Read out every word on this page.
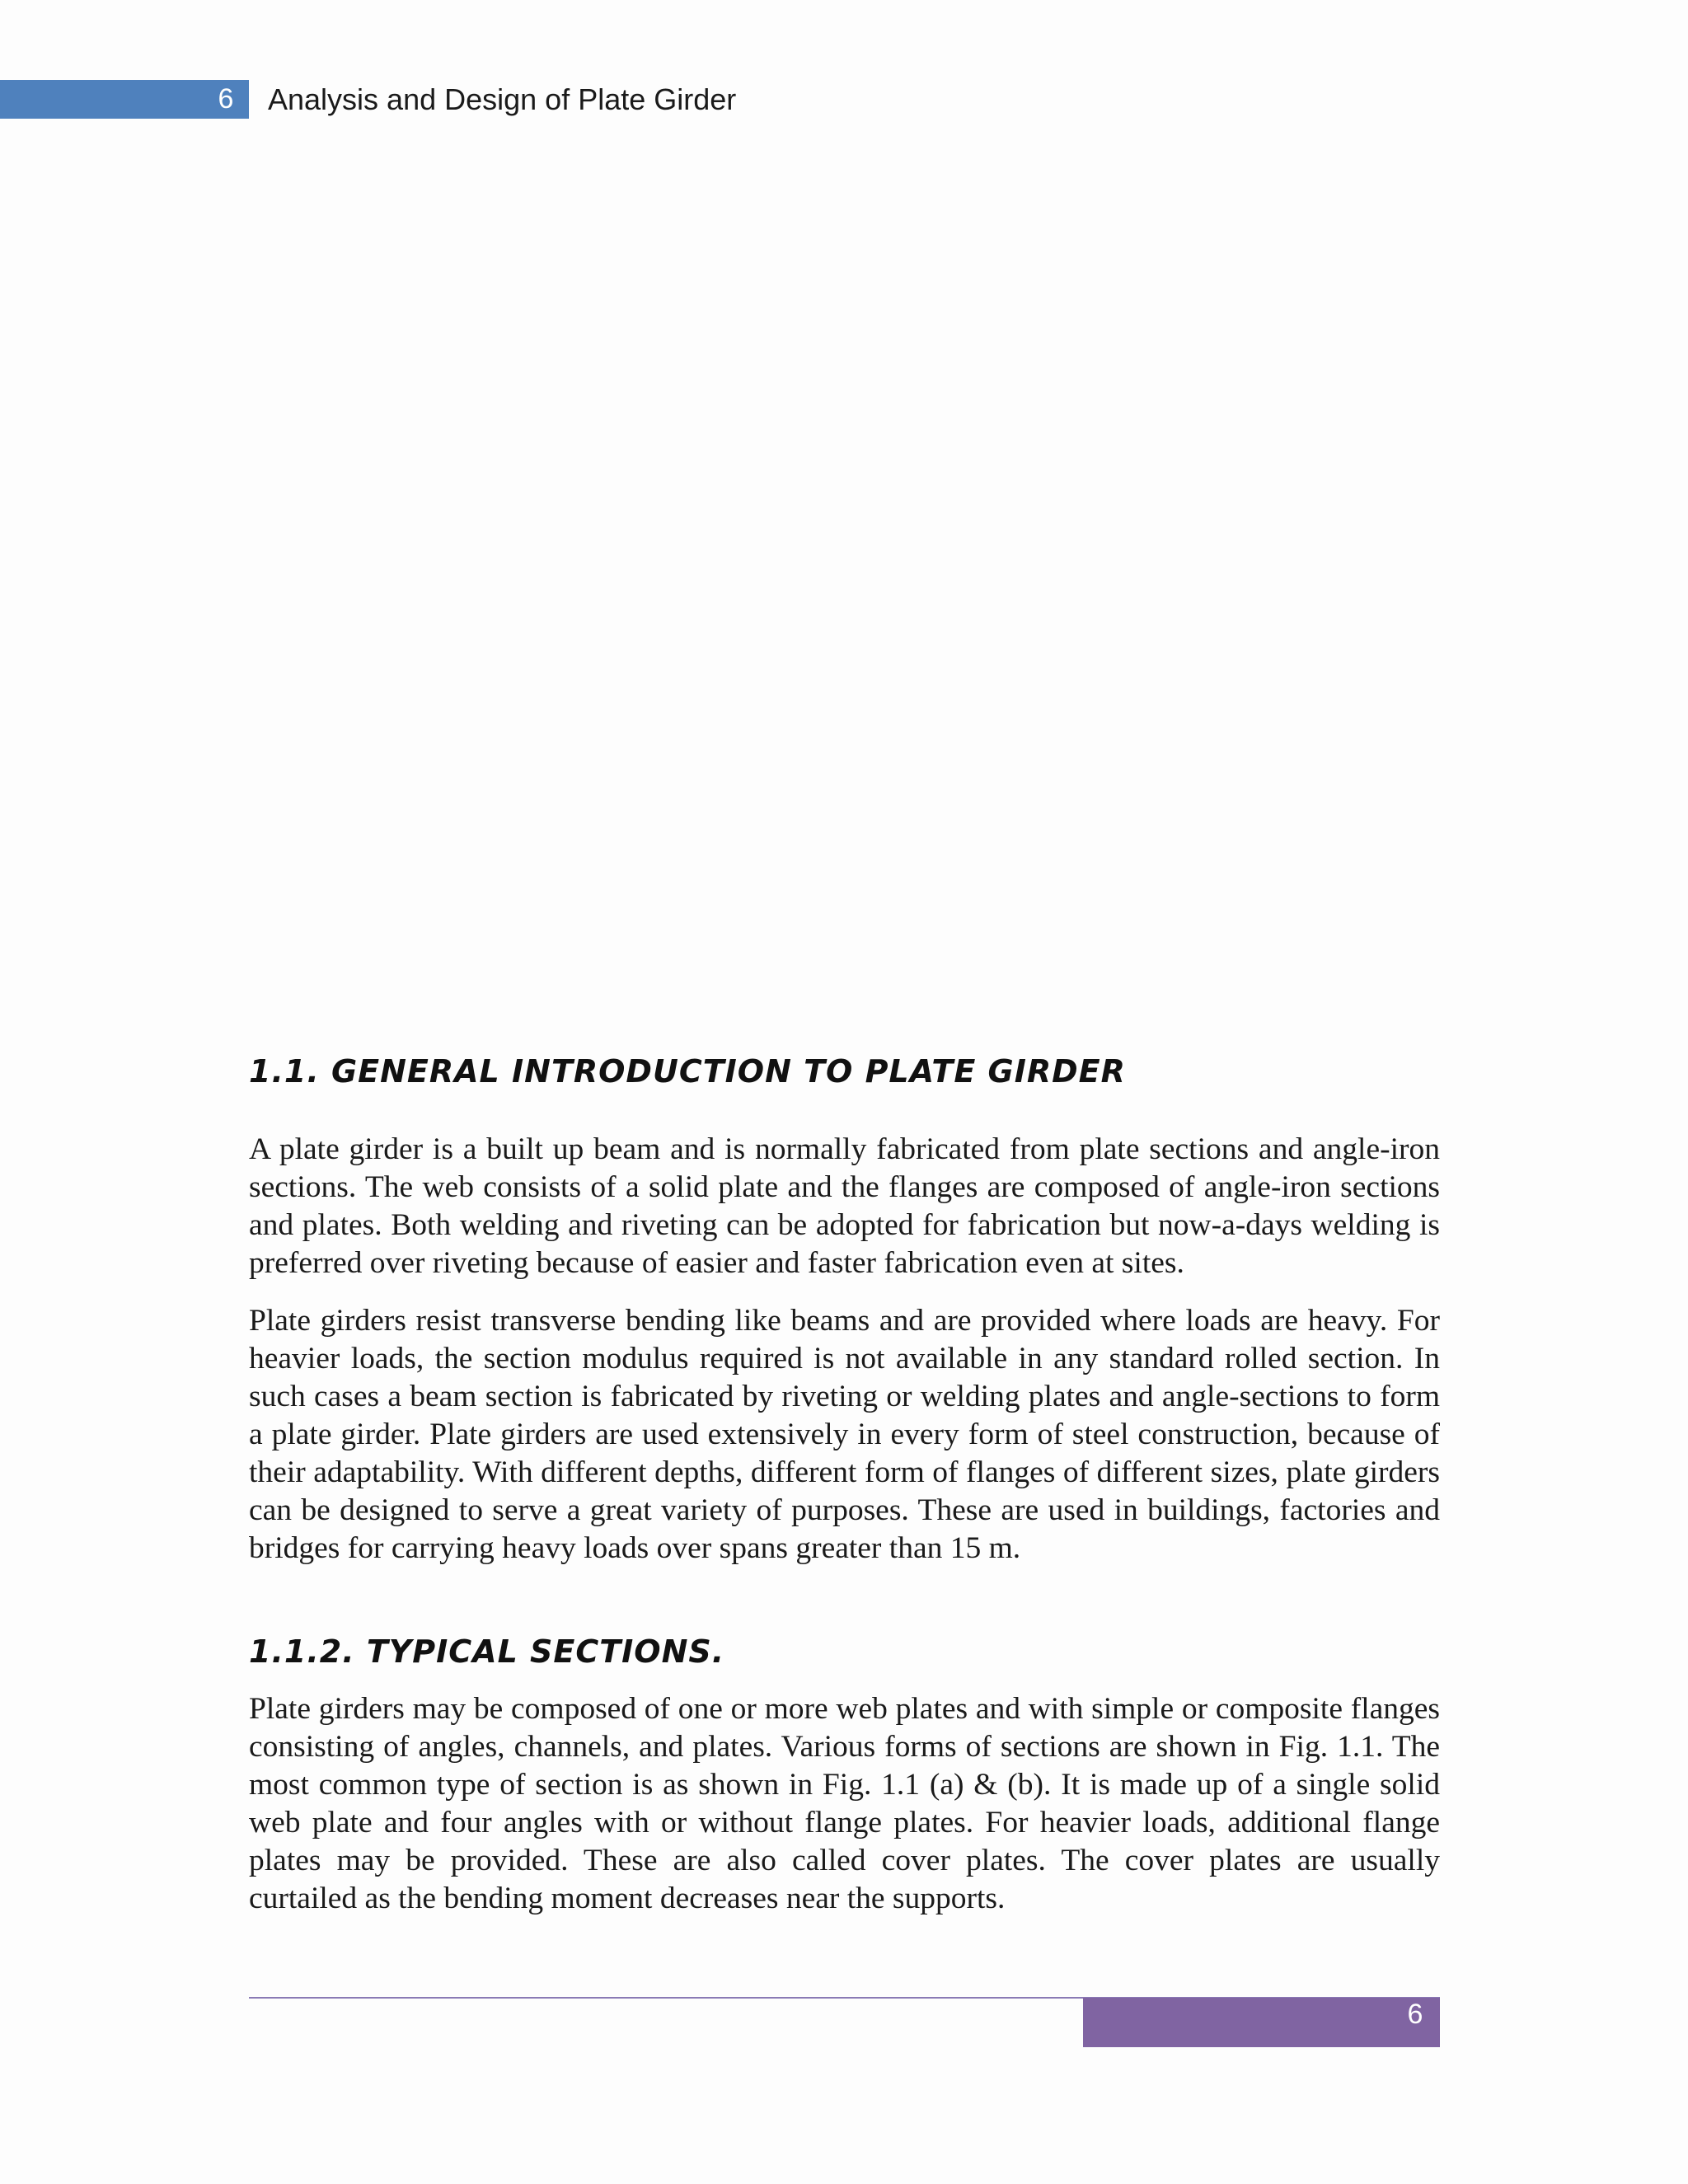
6 Analysis and Design of Plate Girder
1.1. GENERAL INTRODUCTION TO PLATE GIRDER

A plate girder is a built up beam and is normally fabricated from plate sections and angle-iron sections. The web consists of a solid plate and the flanges are composed of angle-iron sections and plates. Both welding and riveting can be adopted for fabrication but now-a-days welding is preferred over riveting because of easier and faster fabrication even at sites.

Plate girders resist transverse bending like beams and are provided where loads are heavy. For heavier loads, the section modulus required is not available in any standard rolled section. In such cases a beam section is fabricated by riveting or welding plates and angle-sections to form a plate girder. Plate girders are used extensively in every form of steel construction, because of their adaptability. With different depths, different form of flanges of different sizes, plate girders can be designed to serve a great variety of purposes. These are used in buildings, factories and bridges for carrying heavy loads over spans greater than 15 m.

1.1.2. TYPICAL SECTIONS.

Plate girders may be composed of one or more web plates and with simple or composite flanges consisting of angles, channels, and plates. Various forms of sections are shown in Fig. 1.1. The most common type of section is as shown in Fig. 1.1 (a) & (b). It is made up of a single solid web plate and four angles with or without flange plates. For heavier loads, additional flange plates may be provided. These are also called cover plates. The cover plates are usually curtailed as the bending moment decreases near the supports.

6
